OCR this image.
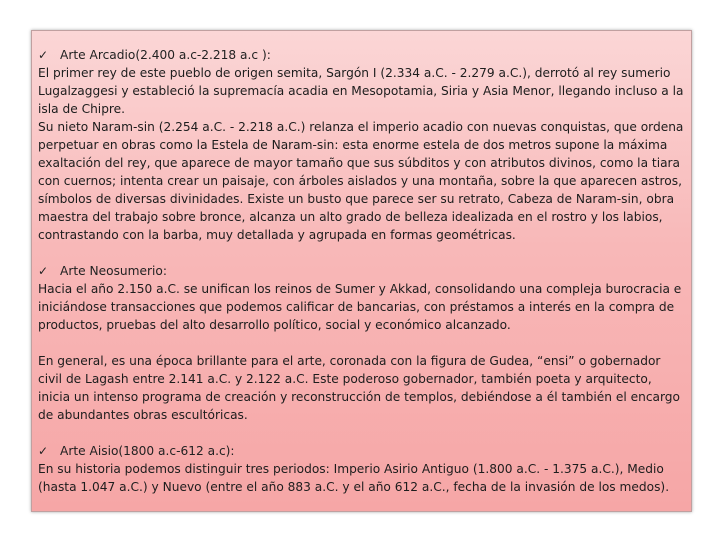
✓ Arte Arcadio(2.400 a.c-2.218 a.c ):

El primer rey de este pueblo de origen semita, Sargón I (2.334 a.C. - 2.279 a.C.), derrotó al rey sumerio Lugalzaggesi y estableció la supremacía acadia en Mesopotamia, Siria y Asia Menor, llegando incluso a la isla de Chipre.

Su nieto Naram-sin (2.254 a.C. - 2.218 a.C.) relanza el imperio acadio con nuevas conquistas, que ordena perpetuar en obras como la Estela de Naram-sin: esta enorme estela de dos metros supone la máxima exaltación del rey, que aparece de mayor tamaño que sus súbditos y con atributos divinos, como la tiara con cuernos; intenta crear un paisaje, con árboles aislados y una montaña, sobre la que aparecen astros, símbolos de diversas divinidades. Existe un busto que parece ser su retrato, Cabeza de Naram-sin, obra maestra del trabajo sobre bronce, alcanza un alto grado de belleza idealizada en el rostro y los labios, contrastando con la barba, muy detallada y agrupada en formas geométricas.

✓ Arte Neosumerio:

Hacia el año 2.150 a.C. se unifican los reinos de Sumer y Akkad, consolidando una compleja burocracia e iniciándose transacciones que podemos calificar de bancarias, con préstamos a interés en la compra de productos, pruebas del alto desarrollo político, social y económico alcanzado.

En general, es una época brillante para el arte, coronada con la figura de Gudea, “ensi” o gobernador civil de Lagash entre 2.141 a.C. y 2.122 a.C. Este poderoso gobernador, también poeta y arquitecto, inicia un intenso programa de creación y reconstrucción de templos, debiéndose a él también el encargo de abundantes obras escultóricas.

✓ Arte Aisio(1800 a.c-612 a.c):

En su historia podemos distinguir tres periodos: Imperio Asirio Antiguo (1.800 a.C. - 1.375 a.C.), Medio (hasta 1.047 a.C.) y Nuevo (entre el año 883 a.C. y el año 612 a.C., fecha de la invasión de los medos).
